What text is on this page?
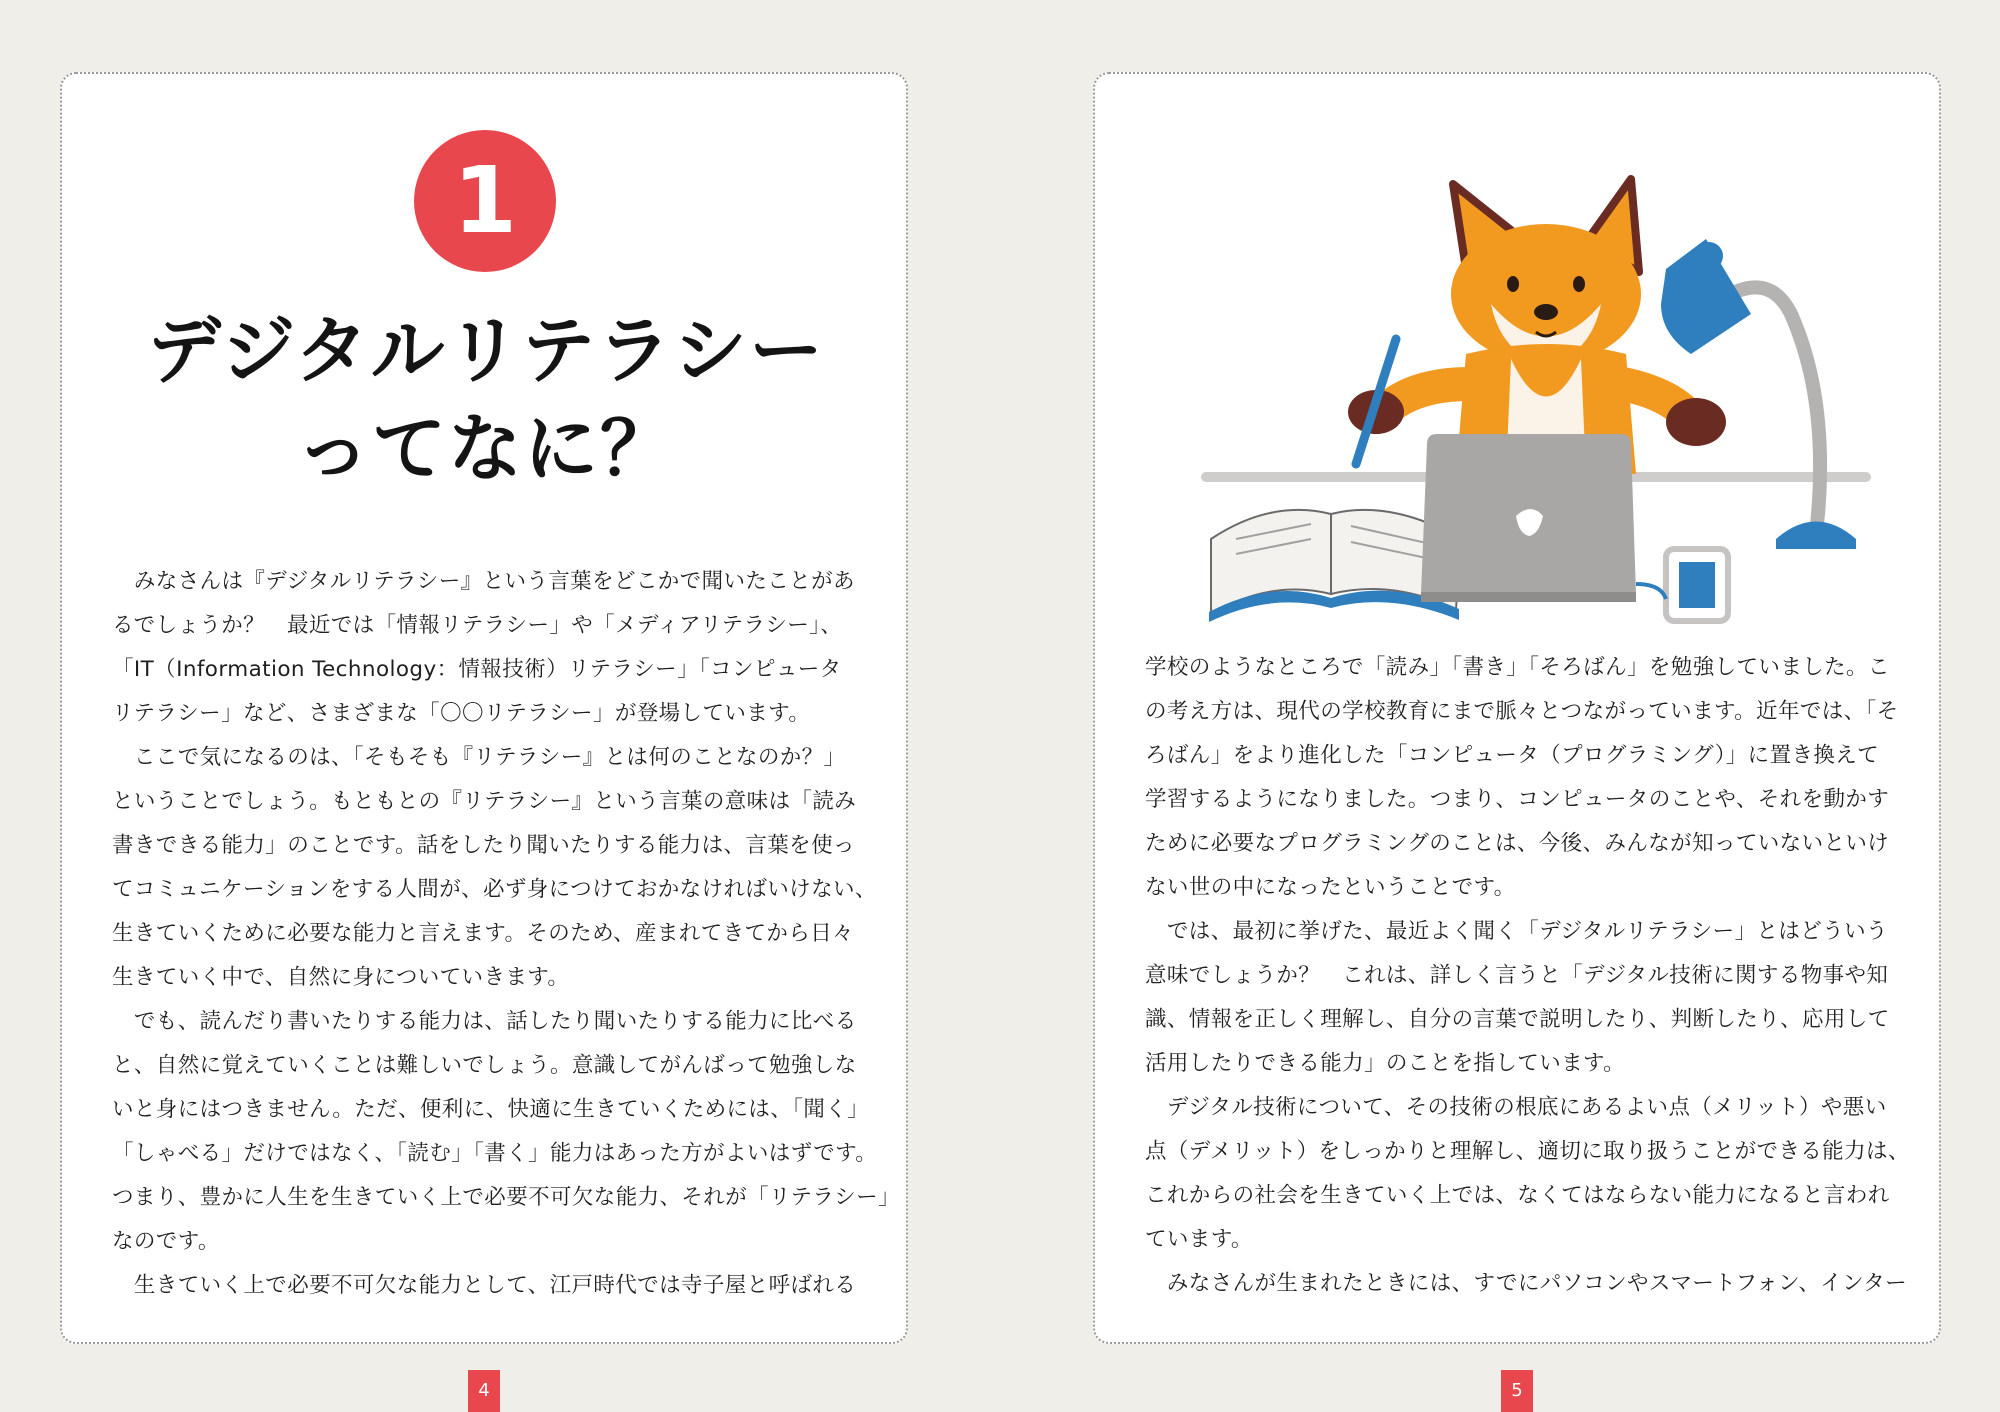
1
デジタルリテラシー
ってなに？
　みなさんは『デジタルリテラシー』という言葉をどこかで聞いたことがあ
るでしょうか？　最近では「情報リテラシー」や「メディアリテラシー」、
「IT（Information Technology：情報技術）リテラシー」「コンピュータ
リテラシー」など、さまざまな「〇〇リテラシー」が登場しています。
　ここで気になるのは、「そもそも『リテラシー』とは何のことなのか？」
ということでしょう。もともとの『リテラシー』という言葉の意味は「読み
書きできる能力」のことです。話をしたり聞いたりする能力は、言葉を使っ
てコミュニケーションをする人間が、必ず身につけておかなければいけない、
生きていくために必要な能力と言えます。そのため、産まれてきてから日々
生きていく中で、自然に身についていきます。
　でも、読んだり書いたりする能力は、話したり聞いたりする能力に比べる
と、自然に覚えていくことは難しいでしょう。意識してがんばって勉強しな
いと身にはつきません。ただ、便利に、快適に生きていくためには、「聞く」
「しゃべる」だけではなく、「読む」「書く」能力はあった方がよいはずです。
つまり、豊かに人生を生きていく上で必要不可欠な能力、それが「リテラシー」
なのです。
　生きていく上で必要不可欠な能力として、江戸時代では寺子屋と呼ばれる
学校のようなところで「読み」「書き」「そろばん」を勉強していました。こ
の考え方は、現代の学校教育にまで脈々とつながっています。近年では、「そ
ろばん」をより進化した「コンピュータ（プログラミング）」に置き換えて
学習するようになりました。つまり、コンピュータのことや、それを動かす
ために必要なプログラミングのことは、今後、みんなが知っていないといけ
ない世の中になったということです。
　では、最初に挙げた、最近よく聞く「デジタルリテラシー」とはどういう
意味でしょうか？　これは、詳しく言うと「デジタル技術に関する物事や知
識、情報を正しく理解し、自分の言葉で説明したり、判断したり、応用して
活用したりできる能力」のことを指しています。
　デジタル技術について、その技術の根底にあるよい点（メリット）や悪い
点（デメリット）をしっかりと理解し、適切に取り扱うことができる能力は、
これからの社会を生きていく上では、なくてはならない能力になると言われ
ています。
　みなさんが生まれたときには、すでにパソコンやスマートフォン、インター
4	5
